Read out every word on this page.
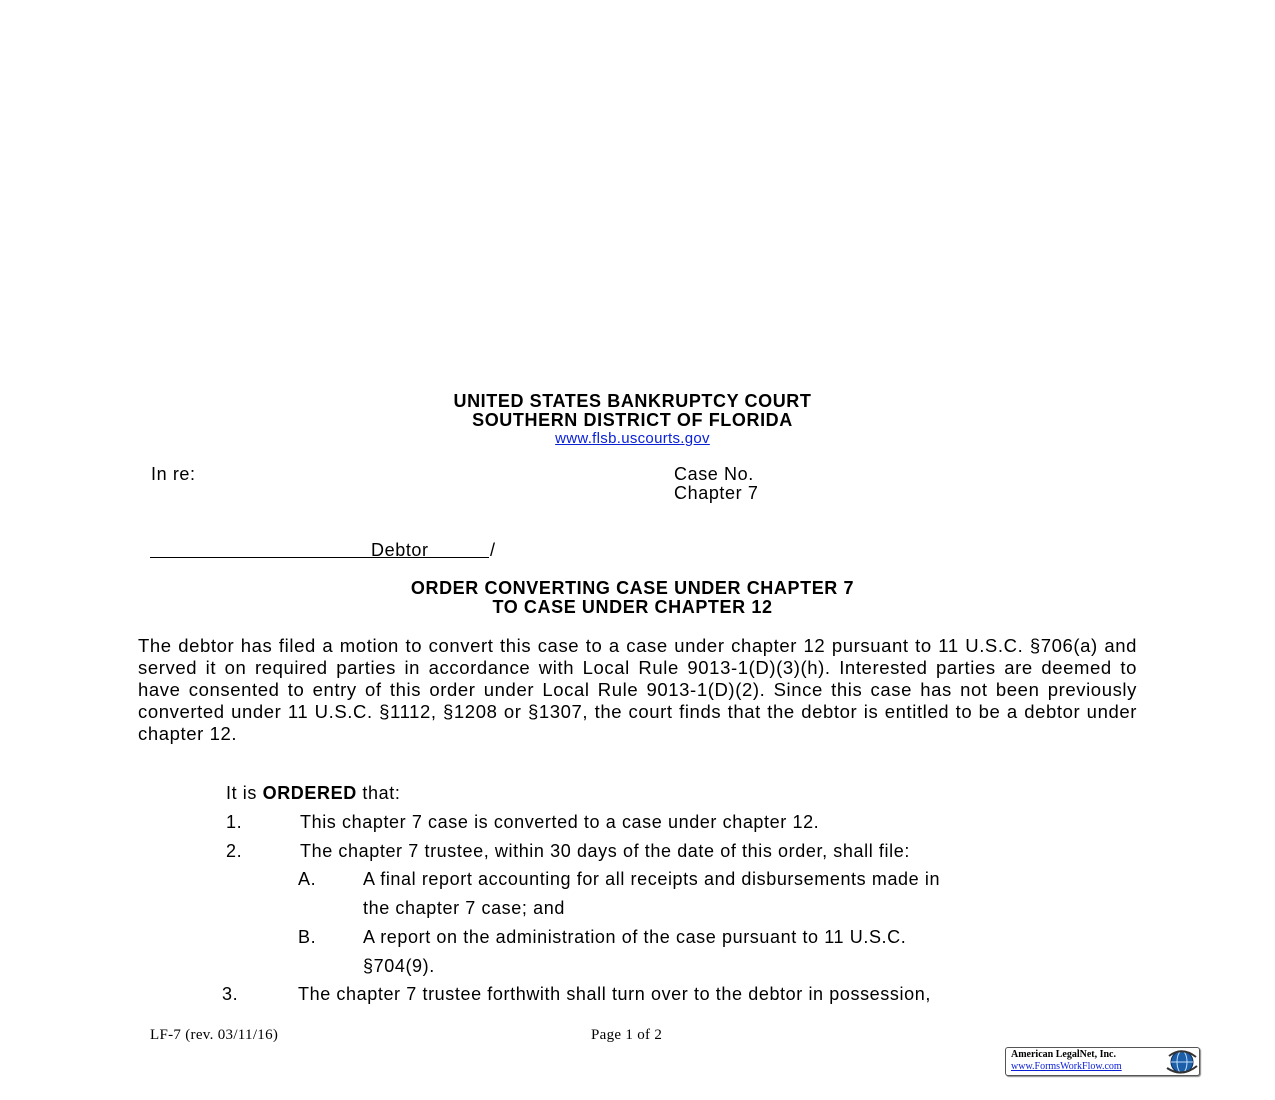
UNITED STATES BANKRUPTCY COURT
SOUTHERN DISTRICT OF FLORIDA
www.flsb.uscourts.gov
In re:	Case No.
Chapter 7
Debtor	/
ORDER CONVERTING CASE UNDER CHAPTER 7
TO CASE UNDER CHAPTER 12
The debtor has filed a motion to convert this case to a case under chapter 12 pursuant to 11 U.S.C. §706(a) and served it on required parties in accordance with Local Rule 9013-1(D)(3)(h). Interested parties are deemed to have consented to entry of this order under Local Rule 9013-1(D)(2). Since this case has not been previously converted under 11 U.S.C. §1112, §1208 or §1307, the court finds that the debtor is entitled to be a debtor under chapter 12.
It is ORDERED that:
1.	This chapter 7 case is converted to a case under chapter 12.
2.	The chapter 7 trustee, within 30 days of the date of this order, shall file:
A.	A final report accounting for all receipts and disbursements made in
the chapter 7 case; and
B.	A report on the administration of the case pursuant to 11 U.S.C.
§704(9).
3.	The chapter 7 trustee forthwith shall turn over to the debtor in possession,
LF-7 (rev. 03/11/16)	Page 1 of 2
American LegalNet, Inc.
www.FormsWorkFlow.com
